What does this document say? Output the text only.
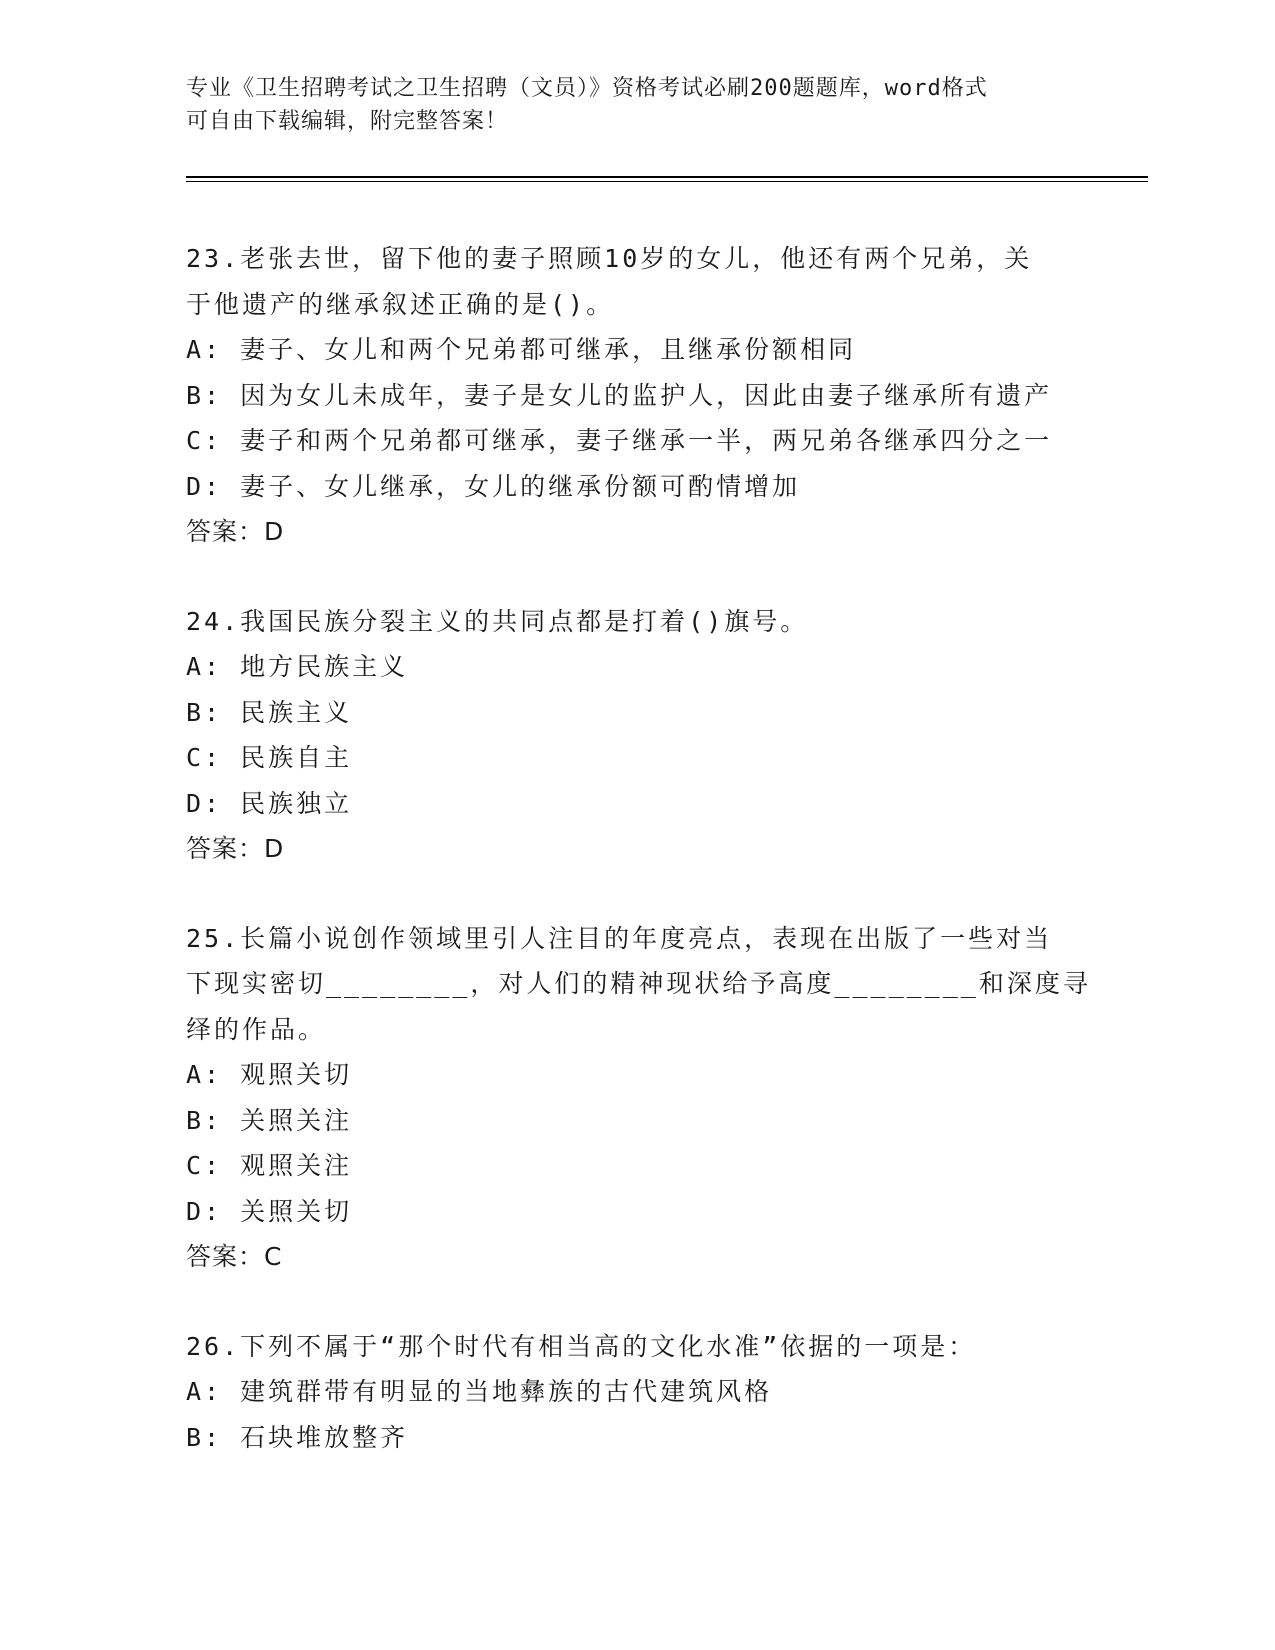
专业《卫生招聘考试之卫生招聘（文员）》资格考试必刷200题题库，word格式
可自由下载编辑，附完整答案！
23.老张去世，留下他的妻子照顾10岁的女儿，他还有两个兄弟，关
于他遗产的继承叙述正确的是()。
A: 妻子、女儿和两个兄弟都可继承，且继承份额相同
B: 因为女儿未成年，妻子是女儿的监护人，因此由妻子继承所有遗产
C: 妻子和两个兄弟都可继承，妻子继承一半，两兄弟各继承四分之一
D: 妻子、女儿继承，女儿的继承份额可酌情增加
答案：D
24.我国民族分裂主义的共同点都是打着()旗号。
A: 地方民族主义
B: 民族主义
C: 民族自主
D: 民族独立
答案：D
25.长篇小说创作领域里引人注目的年度亮点，表现在出版了一些对当
下现实密切________，对人们的精神现状给予高度________和深度寻
绎的作品。
A: 观照关切
B: 关照关注
C: 观照关注
D: 关照关切
答案：C
26.下列不属于“那个时代有相当高的文化水准”依据的一项是：
A: 建筑群带有明显的当地彝族的古代建筑风格
B: 石块堆放整齐
